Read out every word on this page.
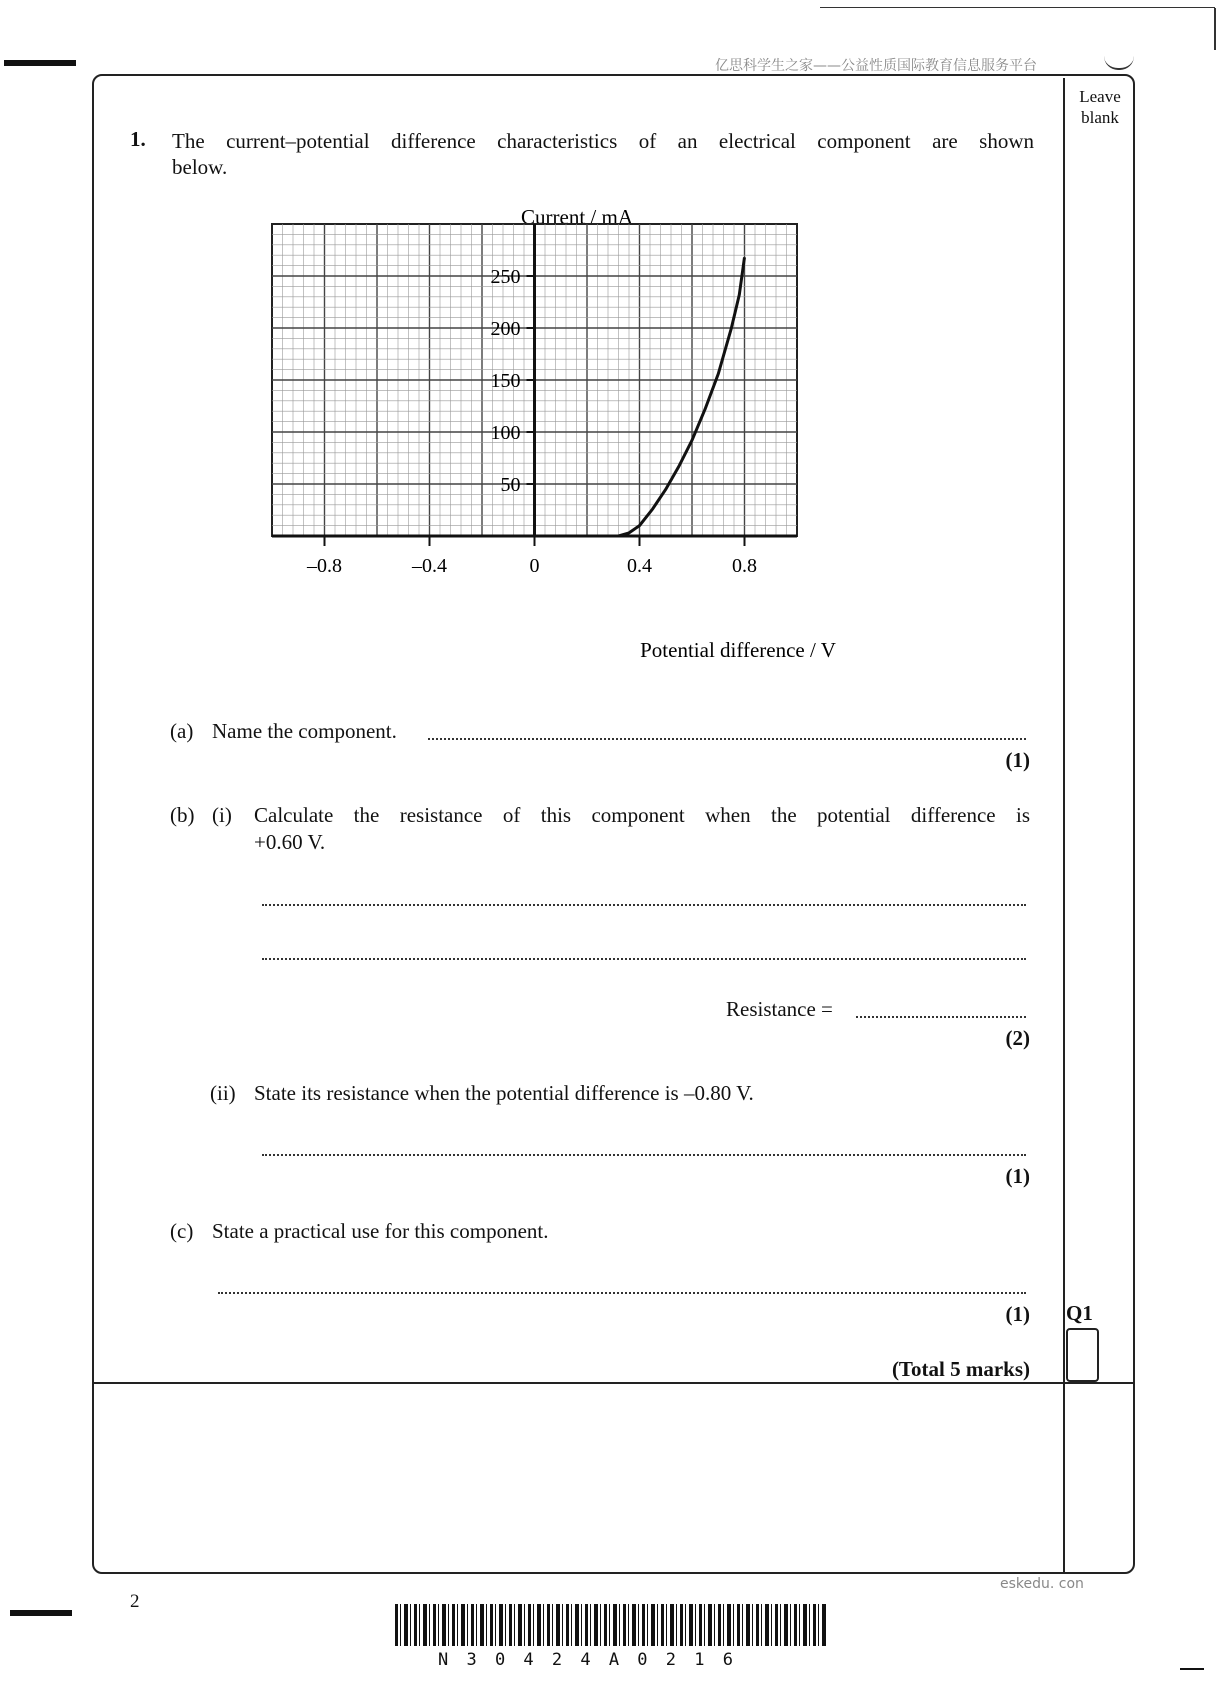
亿思科学生之家——公益性质国际教育信息服务平台
Leave
blank
1. The current–potential difference characteristics of an electrical component are shown
below.
Current / mA
50
100
150
200
250
–0.8	–0.4	0	0.4	0.8
Potential difference / V
(a) Name the component.
(1)
(b) (i) Calculate the resistance of this component when the potential difference is
+0.60 V.
Resistance =
(2)
(ii) State its resistance when the potential difference is –0.80 V.
(1)
(c) State a practical use for this component.
(1) Q1
(Total 5 marks)
2
eskedu. con
N 3 0 4 2 4 A 0 2 1 6
